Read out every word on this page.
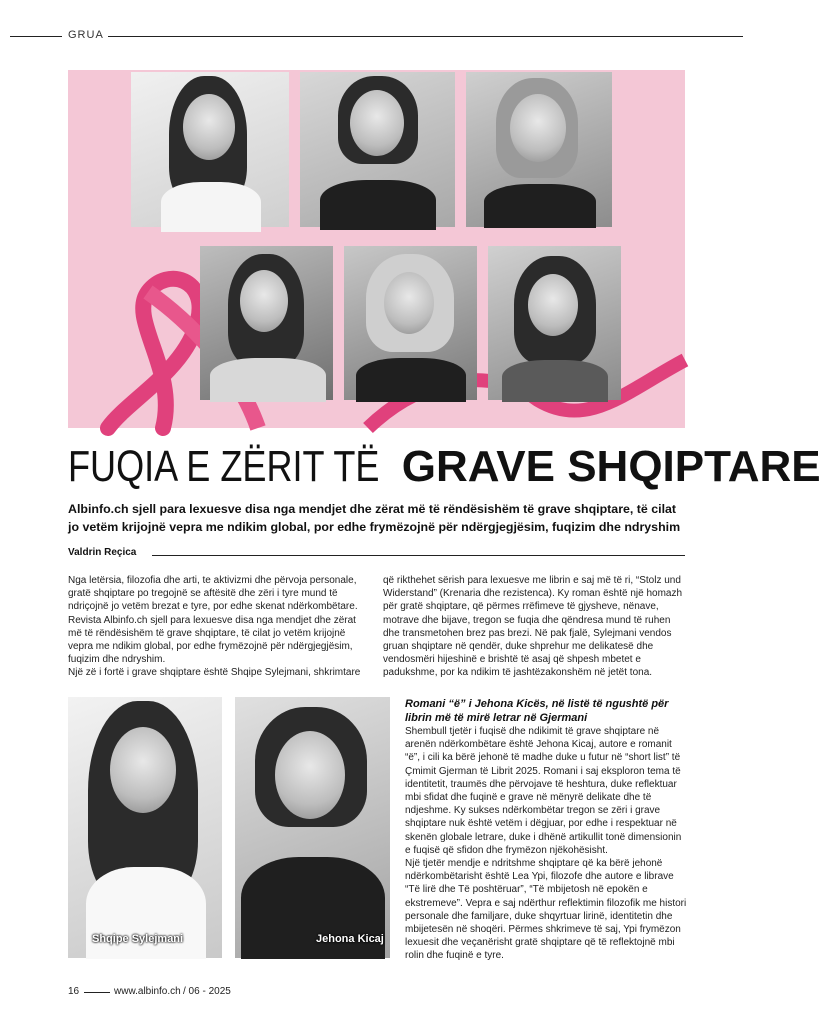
GRUA
FUQIA E ZËRIT TË GRAVE SHQIPTARE
Albinfo.ch sjell para lexuesve disa nga mendjet dhe zërat më të rëndësishëm të grave shqiptare, të cilat jo vetëm krijojnë vepra me ndikim global, por edhe frymëzojnë për ndërgjegjësim, fuqizim dhe ndryshim
Valdrin Reçica

Nga letërsia, filozofia dhe arti, te aktivizmi dhe përvoja personale, gratë shqiptare po tregojnë se aftësitë dhe zëri i tyre mund të ndriçojnë jo vetëm brezat e tyre, por edhe skenat ndërkombëtare. Revista Albinfo.ch sjell para lexuesve disa nga mendjet dhe zërat më të rëndësishëm të grave shqiptare, të cilat jo vetëm krijojnë vepra me ndikim global, por edhe frymëzojnë për ndërgjegjësim, fuqizim dhe ndryshim.

Një zë i fortë i grave shqiptare është Shqipe Sylejmani, shkrimtare

që rikthehet sërish para lexuesve me librin e saj më të ri, “Stolz und Widerstand” (Krenaria dhe rezistenca). Ky roman është një homazh për gratë shqiptare, që përmes rrëfimeve të gjysheve, nënave, motrave dhe bijave, tregon se fuqia dhe qëndresa mund të ruhen dhe transmetohen brez pas brezi. Në pak fjalë, Sylejmani vendos gruan shqiptare në qendër, duke shprehur me delikatesë dhe vendosmëri hijeshinë e brishtë të asaj që shpesh mbetet e padukshme, por ka ndikim të jashtëzakonshëm në jetët tona.

Shqipe Sylejmani	Jehona Kicaj

Romani “ë” i Jehona Kicës, në listë të ngushtë për librin më të mirë letrar në Gjermani

Shembull tjetër i fuqisë dhe ndikimit të grave shqiptare në arenën ndërkombëtare është Jehona Kicaj, autore e romanit “ë”, i cili ka bërë jehonë të madhe duke u futur në “short list” të Çmimit Gjerman të Librit 2025. Romani i saj eksploron tema të identitetit, traumës dhe përvojave të heshtura, duke reflektuar mbi sfidat dhe fuqinë e grave në mënyrë delikate dhe të ndjeshme. Ky sukses ndërkombëtar tregon se zëri i grave shqiptare nuk është vetëm i dëgjuar, por edhe i respektuar në skenën globale letrare, duke i dhënë artikullit tonë dimensionin e fuqisë që sfidon dhe frymëzon njëkohësisht.

Një tjetër mendje e ndritshme shqiptare që ka bërë jehonë ndërkombëtarisht është Lea Ypi, filozofe dhe autore e librave “Të lirë dhe Të poshtëruar”, “Të mbijetosh në epokën e ekstremeve”. Vepra e saj ndërthur reflektimin filozofik me histori personale dhe familjare, duke shqyrtuar lirinë, identitetin dhe mbijetesën në shoqëri. Përmes shkrimeve të saj, Ypi frymëzon lexuesit dhe veçanërisht gratë shqiptare që të reflektojnë mbi rolin dhe fuqinë e tyre.

16	www.albinfo.ch / 06 - 2025
